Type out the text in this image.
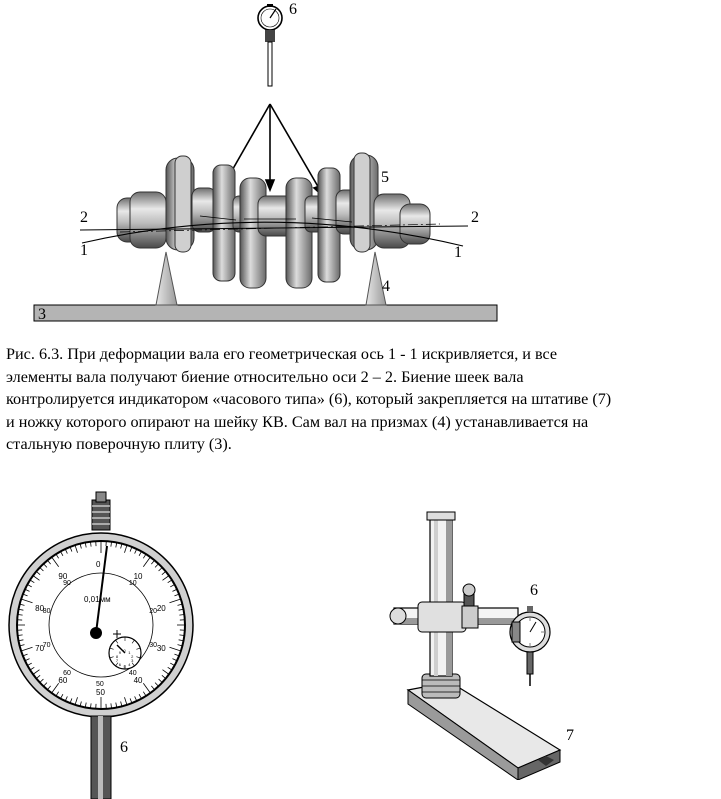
6
5
4
3
2	2
1	1

Рис. 6.3. При деформации вала его геометрическая ось 1 - 1 искривляется, и все
элементы вала получают биение относительно оси 2 – 2. Биение шеек вала
контролируется индикатором «часового типа» (6), который закрепляется на штативе (7)
и ножку которого опирают на шейку КВ. Сам вал на призмах (4) устанавливается на
стальную поверочную плиту (3).

10
20
30
40
50
60
70
80
90
0
90
80
70
60
50
40
30
20
10
0 1
2
3
4
5
6
7
8
9
0,01мм
6
6
7
